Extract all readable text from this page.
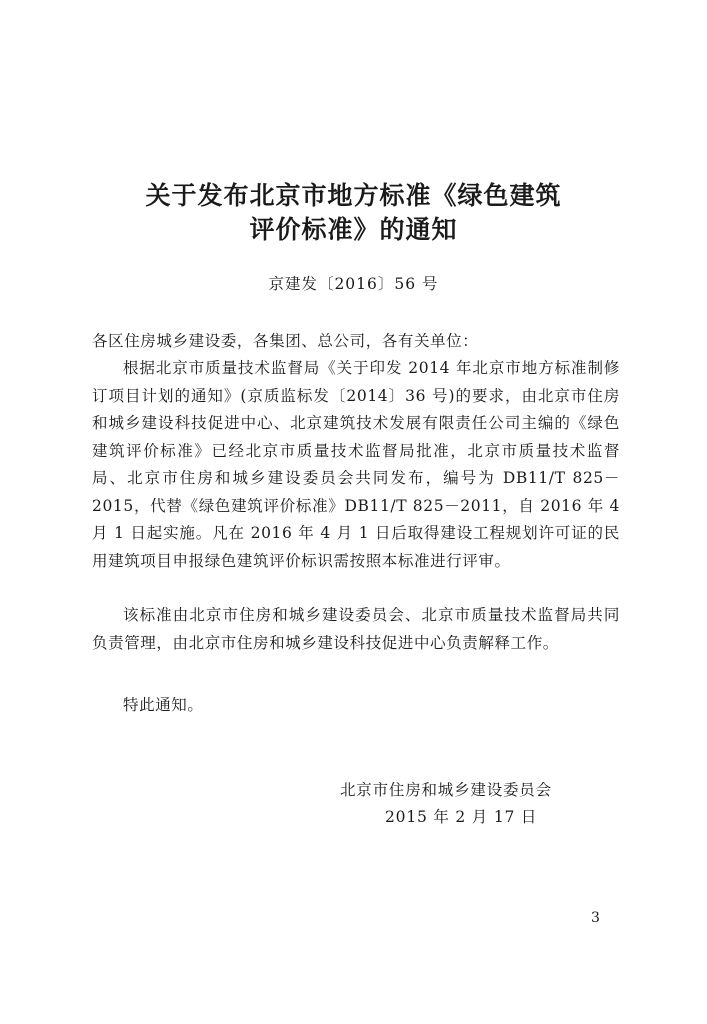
关于发布北京市地方标准《绿色建筑
评价标准》的通知
京建发〔2016〕56 号
各区住房城乡建设委，各集团、总公司，各有关单位：

根据北京市质量技术监督局《关于印发 2014 年北京市地方标准制修订项目计划的通知》(京质监标发〔2014〕36 号)的要求，由北京市住房和城乡建设科技促进中心、北京建筑技术发展有限责任公司主编的《绿色建筑评价标准》已经北京市质量技术监督局批准，北京市质量技术监督局、北京市住房和城乡建设委员会共同发布，编号为 DB11/T 825－2015，代替《绿色建筑评价标准》DB11/T 825－2011，自 2016 年 4 月 1 日起实施。凡在 2016 年 4 月 1 日后取得建设工程规划许可证的民用建筑项目申报绿色建筑评价标识需按照本标准进行评审。

该标准由北京市住房和城乡建设委员会、北京市质量技术监督局共同负责管理，由北京市住房和城乡建设科技促进中心负责解释工作。

特此通知。

北京市住房和城乡建设委员会
2015 年 2 月 17 日
3
